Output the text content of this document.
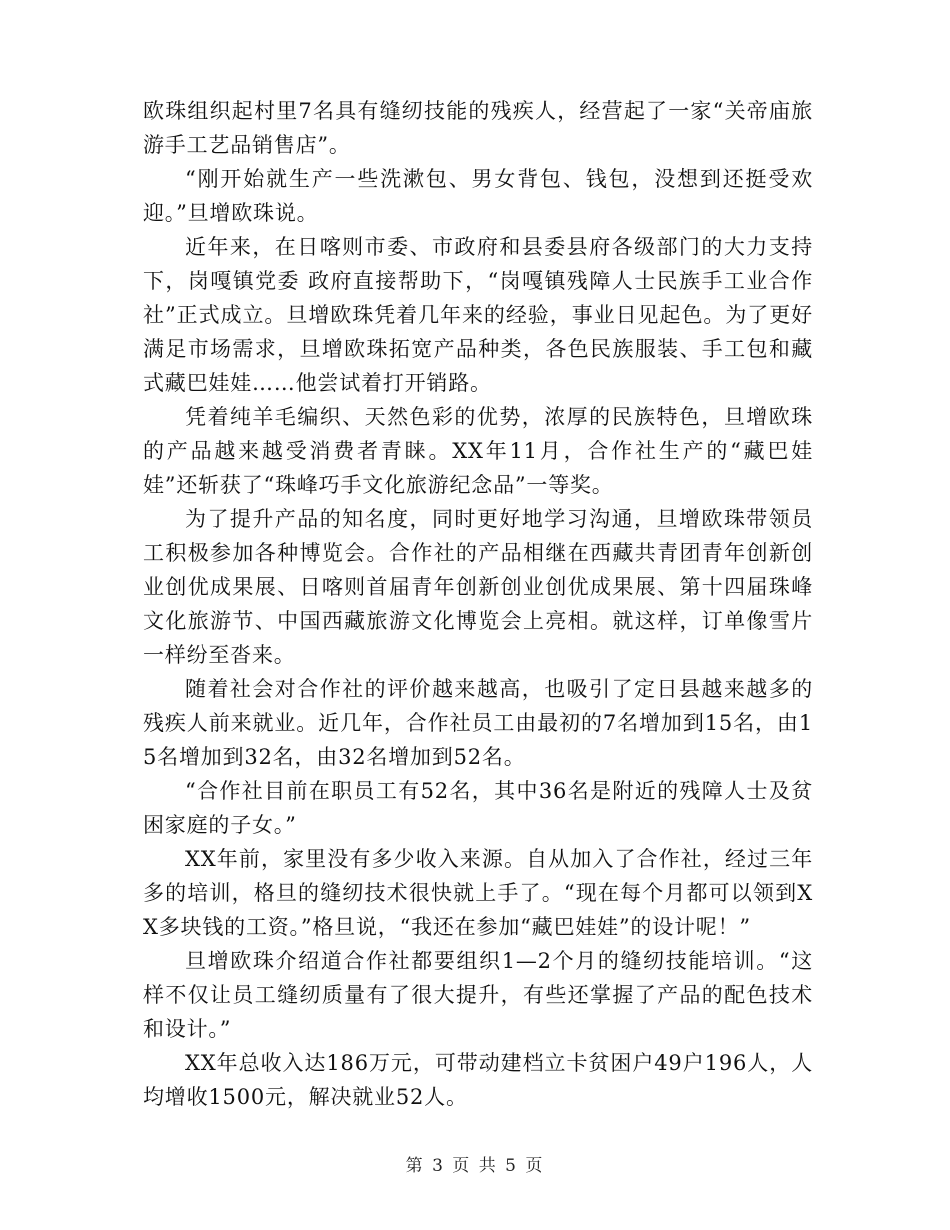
欧珠组织起村里7名具有缝纫技能的残疾人，经营起了一家“关帝庙旅游手工艺品销售店”。

“刚开始就生产一些洗漱包、男女背包、钱包，没想到还挺受欢迎。”旦增欧珠说。

近年来，在日喀则市委、市政府和县委县府各级部门的大力支持下，岗嘎镇党委 政府直接帮助下，“岗嘎镇残障人士民族手工业合作社”正式成立。旦增欧珠凭着几年来的经验，事业日见起色。为了更好满足市场需求，旦增欧珠拓宽产品种类，各色民族服装、手工包和藏式藏巴娃娃……他尝试着打开销路。

凭着纯羊毛编织、天然色彩的优势，浓厚的民族特色，旦增欧珠的产品越来越受消费者青睐。XX年11月，合作社生产的“藏巴娃娃”还斩获了“珠峰巧手文化旅游纪念品”一等奖。

为了提升产品的知名度，同时更好地学习沟通，旦增欧珠带领员工积极参加各种博览会。合作社的产品相继在西藏共青团青年创新创业创优成果展、日喀则首届青年创新创业创优成果展、第十四届珠峰文化旅游节、中国西藏旅游文化博览会上亮相。就这样，订单像雪片一样纷至沓来。

随着社会对合作社的评价越来越高，也吸引了定日县越来越多的残疾人前来就业。近几年，合作社员工由最初的7名增加到15名，由15名增加到32名，由32名增加到52名。

“合作社目前在职员工有52名，其中36名是附近的残障人士及贫困家庭的子女。”

XX年前，家里没有多少收入来源。自从加入了合作社，经过三年多的培训，格旦的缝纫技术很快就上手了。“现在每个月都可以领到XX多块钱的工资。”格旦说，“我还在参加“藏巴娃娃”的设计呢！”

旦增欧珠介绍道合作社都要组织1—2个月的缝纫技能培训。“这样不仅让员工缝纫质量有了很大提升，有些还掌握了产品的配色技术和设计。”

XX年总收入达186万元，可带动建档立卡贫困户49户196人，人均增收1500元，解决就业52人。

第 3 页 共 5 页
